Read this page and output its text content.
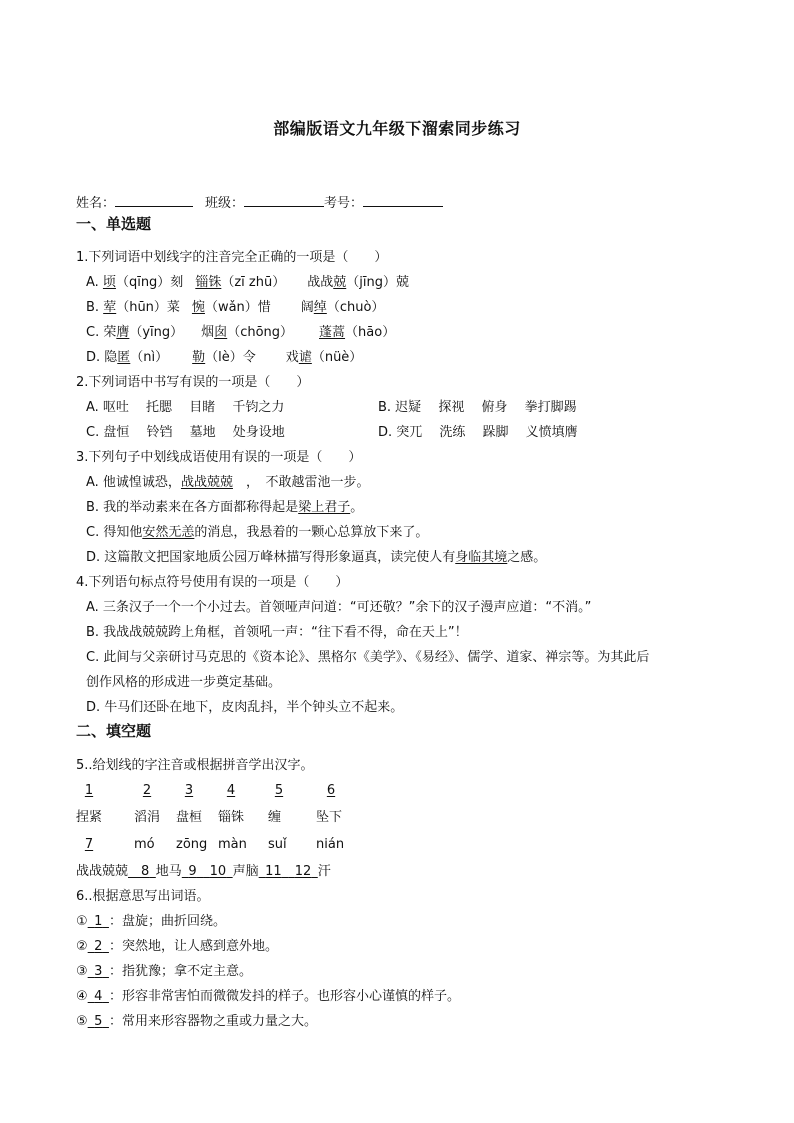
部编版语文九年级下溜索同步练习
姓名：	班级：	考号：
一、单选题
1.下列词语中划线字的注音完全正确的一项是（　　）
A. 顷（qīng）刻 锱铢（zī zhū） 战战兢（jīng）兢
B. 荤（hūn）菜 惋（wǎn）惜 阔绰（chuò）
C. 荣膺（yīng） 烟囱（chōng） 蓬蒿（hāo）
D. 隐匿（nì） 勒（lè）令 戏谑（nüè）
2.下列词语中书写有误的一项是（　　）
A. 呕吐　 托腮　 目睹　 千钧之力	B. 迟疑　 探视　 俯身　 拳打脚踢
C. 盘恒　 铃铛　 墓地　 处身设地	D. 突兀　 洗练　 跺脚　 义愤填膺
3.下列句子中划线成语使用有误的一项是（　　）
A. 他诚惶诚恐，战战兢兢　，　不敢越雷池一步。
B. 我的举动素来在各方面都称得起是梁上君子。
C. 得知他安然无恙的消息，我悬着的一颗心总算放下来了。
D. 这篇散文把国家地质公园万峰林描写得形象逼真，读完使人有身临其境之感。
4.下列语句标点符号使用有误的一项是（　　）
A. 三条汉子一个一个小过去。首领哑声问道：“可还敬？”余下的汉子漫声应道：“不消。”
B. 我战战兢兢跨上角框，首领吼一声：“往下看不得，命在天上”！
C. 此间与父亲研讨马克思的《资本论》、黑格尔《美学》、《易经》、儒学、道家、禅宗等。为其此后
创作风格的形成进一步奠定基础。
D. 牛马们还卧在地下，皮肉乱抖，半个钟头立不起来。
二、填空题
5..给划线的字注音或根据拼音学出汉字。
1	2	3	4	5	6
捏紧 滔涓 盘桓 锱铢 缠	坠下
7	mó zōng màn suǐ nián
战战兢兢  8  地马  9   10  声脑  11   12  汗
6..根据意思写出词语。
①  1  ：盘旋；曲折回绕。
②  2  ：突然地，让人感到意外地。
③  3  ：指犹豫；拿不定主意。
④  4  ：形容非常害怕而微微发抖的样子。也形容小心谨慎的样子。
⑤  5  ：常用来形容器物之重或力量之大。
